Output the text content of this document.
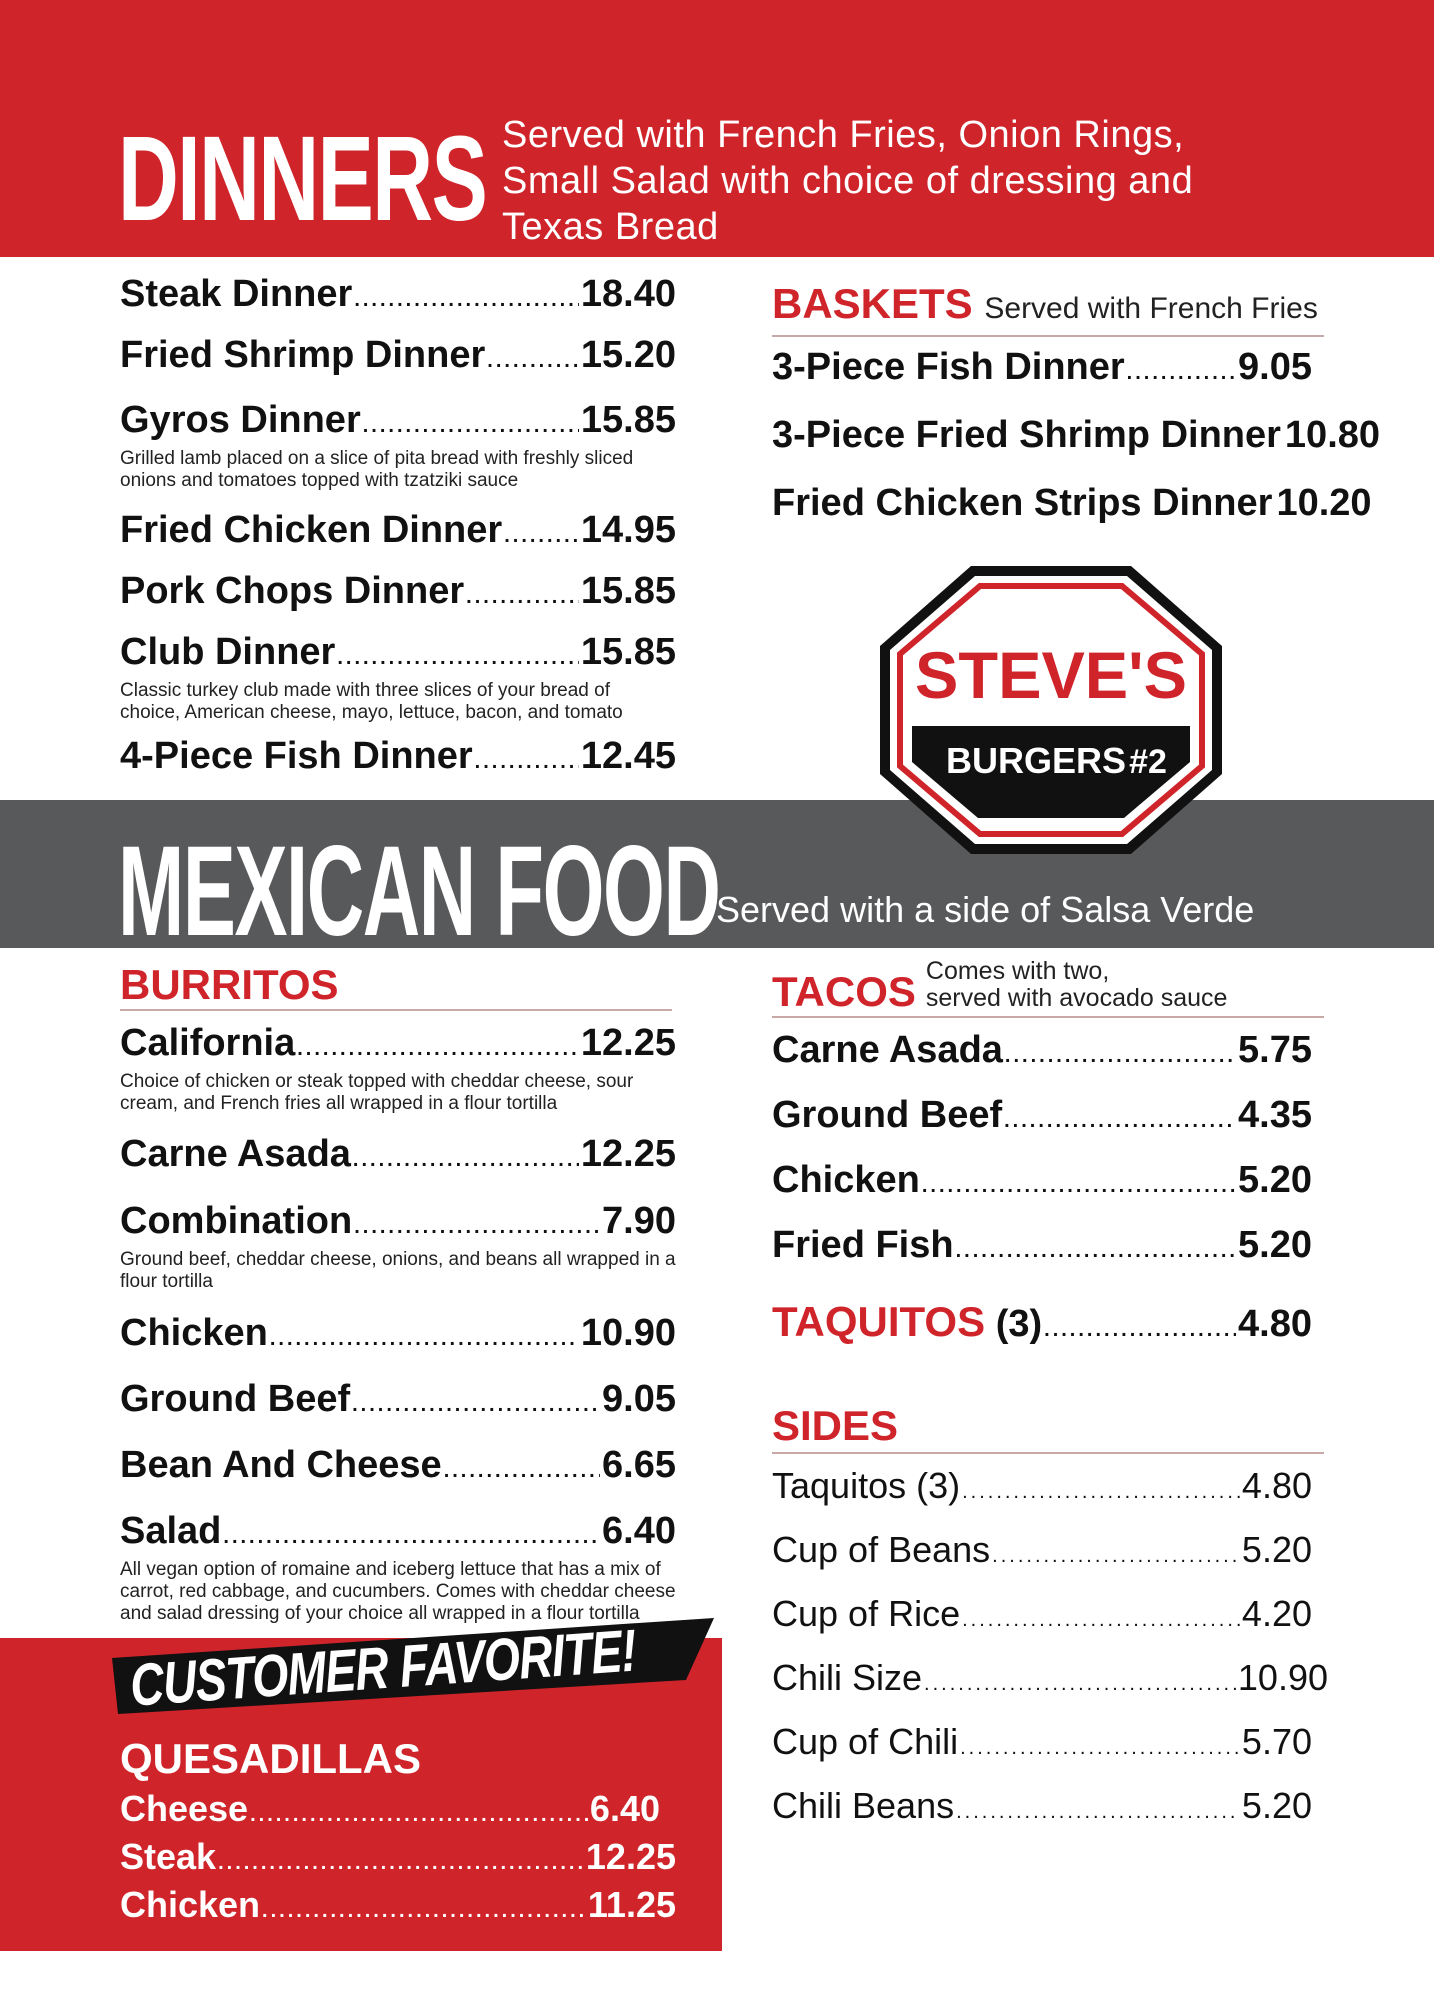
DINNERS Served with French Fries, Onion Rings, Small Salad with choice of dressing and Texas Bread
Steak Dinner .....	18.40
Fried Shrimp Dinner .....	15.20
Gyros Dinner .....	15.85
Grilled lamb placed on a slice of pita bread with freshly sliced onions and tomatoes topped with tzatziki sauce
Fried Chicken Dinner ..... 14.95
Pork Chops Dinner .....	15.85
Club Dinner .....	15.85
Classic turkey club made with three slices of your bread of choice, American cheese, mayo, lettuce, bacon, and tomato
4-Piece Fish Dinner .....	12.45
BASKETS Served with French Fries
3-Piece Fish Dinner .....	9.05
3-Piece Fried Shrimp Dinner 10.80
Fried Chicken Strips Dinner 10.20
MEXICAN FOOD
Served with a side of Salsa Verde
STEVE'S
BURGERS #2
BURRITOS
California .....	12.25
Choice of chicken or steak topped with cheddar cheese, sour cream, and French fries all wrapped in a flour tortilla
Carne Asada .....	12.25
Combination .....	7.90
Ground beef, cheddar cheese, onions, and beans all wrapped in a flour tortilla
Chicken .....	10.90
Ground Beef .....	9.05
Bean And Cheese .....	6.65
Salad .....	6.40
All vegan option of romaine and iceberg lettuce that has a mix of carrot, red cabbage, and cucumbers. Comes with cheddar cheese and salad dressing of your choice all wrapped in a flour tortilla
TACOS Comes with two,
served with avocado sauce
Carne Asada .....	5.75
Ground Beef .....	4.35
Chicken .....	5.20
Fried Fish .....	5.20
TAQUITOS (3) .....	4.80
SIDES
Taquitos (3) .....	4.80
Cup of Beans .....	5.20
Cup of Rice .....	4.20
Chili Size .....	10.90
Cup of Chili .....	5.70
Chili Beans .....	5.20
CUSTOMER FAVORITE!
QUESADILLAS
Cheese .....	6.40
Steak .....	12.25
Chicken .....	11.25
